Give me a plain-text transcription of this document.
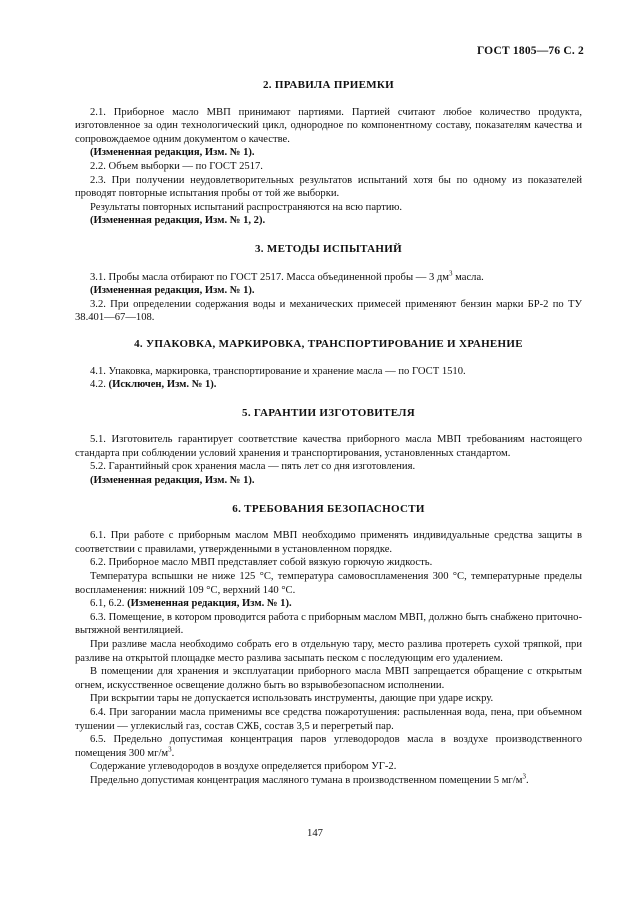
ГОСТ 1805—76 С. 2
2. ПРАВИЛА ПРИЕМКИ

2.1. Приборное масло МВП принимают партиями. Партией считают любое количество продукта, изготовленное за один технологический цикл, однородное по компонентному составу, показателям качества и сопровождаемое одним документом о качестве.

(Измененная редакция, Изм. № 1).

2.2. Объем выборки — по ГОСТ 2517.

2.3. При получении неудовлетворительных результатов испытаний хотя бы по одному из показателей проводят повторные испытания пробы от той же выборки.

Результаты повторных испытаний распространяются на всю партию.

(Измененная редакция, Изм. № 1, 2).

3. МЕТОДЫ ИСПЫТАНИЙ

3.1. Пробы масла отбирают по ГОСТ 2517. Масса объединенной пробы — 3 $дм^3$ масла.

(Измененная редакция, Изм. № 1).

3.2. При определении содержания воды и механических примесей применяют бензин марки БР-2 по ТУ 38.401—67—108.

4. УПАКОВКА, МАРКИРОВКА, ТРАНСПОРТИРОВАНИЕ И ХРАНЕНИЕ

4.1. Упаковка, маркировка, транспортирование и хранение масла — по ГОСТ 1510.

4.2. (Исключен, Изм. № 1).

5. ГАРАНТИИ ИЗГОТОВИТЕЛЯ

5.1. Изготовитель гарантирует соответствие качества приборного масла МВП требованиям настоящего стандарта при соблюдении условий хранения и транспортирования, установленных стандартом.

5.2. Гарантийный срок хранения масла — пять лет со дня изготовления.

(Измененная редакция, Изм. № 1).

6. ТРЕБОВАНИЯ БЕЗОПАСНОСТИ

6.1. При работе с приборным маслом МВП необходимо применять индивидуальные средства защиты в соответствии с правилами, утвержденными в установленном порядке.

6.2. Приборное масло МВП представляет собой вязкую горючую жидкость.

Температура вспышки не ниже 125 °С, температура самовоспламенения 300 °С, температурные пределы воспламенения: нижний 109 °С, верхний 140 °С.

6.1, 6.2. (Измененная редакция, Изм. № 1).

6.3. Помещение, в котором проводится работа с приборным маслом МВП, должно быть снабжено приточно-вытяжной вентиляцией.

При разливе масла необходимо собрать его в отдельную тару, место разлива протереть сухой тряпкой, при разливе на открытой площадке место разлива засыпать песком с последующим его удалением.

В помещении для хранения и эксплуатации приборного масла МВП запрещается обращение с открытым огнем, искусственное освещение должно быть во взрывобезопасном исполнении.

При вскрытии тары не допускается использовать инструменты, дающие при ударе искру.

6.4. При загорании масла применимы все средства пожаротушения: распыленная вода, пена, при объемном тушении — углекислый газ, состав СЖБ, состав 3,5 и перегретый пар.

6.5. Предельно допустимая концентрация паров углеводородов масла в воздухе производственного помещения 300 $мг/м^3$.

Содержание углеводородов в воздухе определяется прибором УГ-2.

Предельно допустимая концентрация масляного тумана в производственном помещении 5 $мг/м^3$.

147
